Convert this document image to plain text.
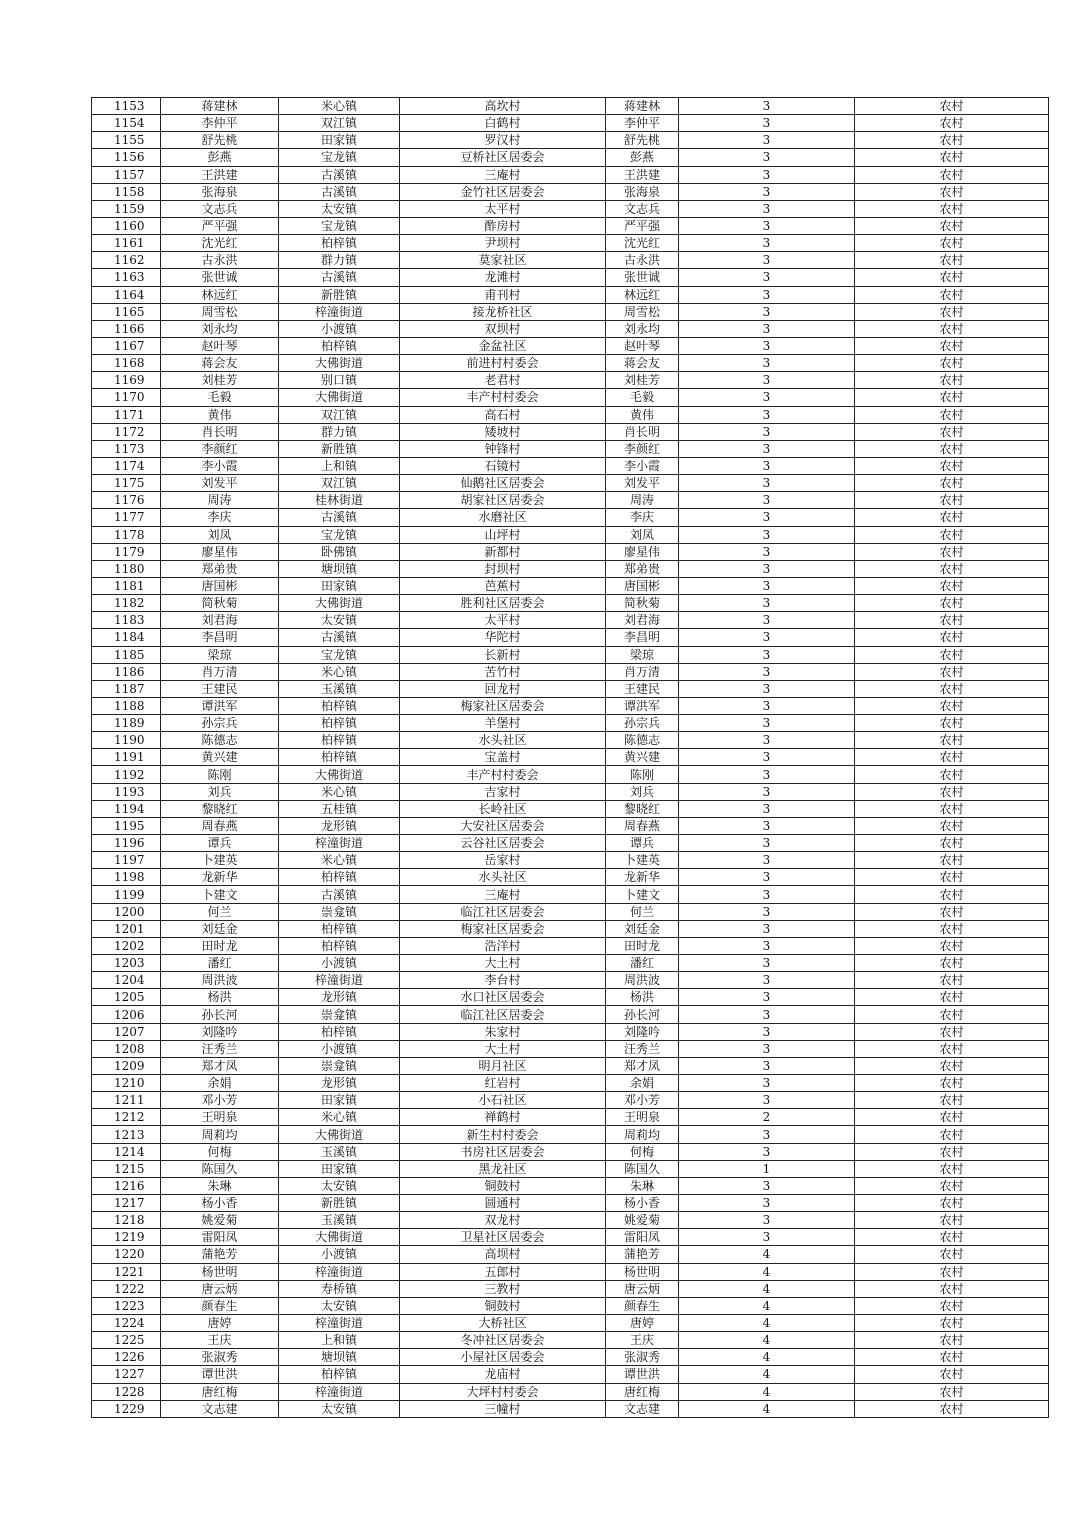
1153	蒋建林	米心镇	高坎村	蒋建林	3	农村
1154	李仲平	双江镇	白鹤村	李仲平	3	农村
1155	舒先桃	田家镇	罗汉村	舒先桃	3	农村
1156	彭燕	宝龙镇	豆桥社区居委会	彭燕	3	农村
1157	王洪建	古溪镇	三庵村	王洪建	3	农村
1158	张海泉	古溪镇	金竹社区居委会	张海泉	3	农村
1159	文志兵	太安镇	太平村	文志兵	3	农村
1160	严平强	宝龙镇	酢房村	严平强	3	农村
1161	沈光红	柏梓镇	尹坝村	沈光红	3	农村
1162	古永洪	群力镇	莫家社区	古永洪	3	农村
1163	张世诚	古溪镇	龙滩村	张世诚	3	农村
1164	林远红	新胜镇	甫刊村	林远红	3	农村
1165	周雪松	梓潼街道	接龙桥社区	周雪松	3	农村
1166	刘永均	小渡镇	双坝村	刘永均	3	农村
1167	赵叶琴	柏梓镇	金盆社区	赵叶琴	3	农村
1168	蒋会友	大佛街道	前进村村委会	蒋会友	3	农村
1169	刘桂芳	别口镇	老君村	刘桂芳	3	农村
1170	毛毅	大佛街道	丰产村村委会	毛毅	3	农村
1171	黄伟	双江镇	高石村	黄伟	3	农村
1172	肖长明	群力镇	矮坡村	肖长明	3	农村
1173	李颜红	新胜镇	钟锋村	李颜红	3	农村
1174	李小霞	上和镇	石镜村	李小霞	3	农村
1175	刘发平	双江镇	仙鹅社区居委会	刘发平	3	农村
1176	周涛	桂林街道	胡家社区居委会	周涛	3	农村
1177	李庆	古溪镇	水磨社区	李庆	3	农村
1178	刘凤	宝龙镇	山坪村	刘凤	3	农村
1179	廖星伟	卧佛镇	新都村	廖星伟	3	农村
1180	郑弟贵	塘坝镇	封坝村	郑弟贵	3	农村
1181	唐国彬	田家镇	芭蕉村	唐国彬	3	农村
1182	简秋菊	大佛街道	胜利社区居委会	简秋菊	3	农村
1183	刘君海	太安镇	太平村	刘君海	3	农村
1184	李昌明	古溪镇	华陀村	李昌明	3	农村
1185	梁琼	宝龙镇	长新村	梁琼	3	农村
1186	肖万清	米心镇	苦竹村	肖万清	3	农村
1187	王建民	玉溪镇	回龙村	王建民	3	农村
1188	谭洪军	柏梓镇	梅家社区居委会	谭洪军	3	农村
1189	孙宗兵	柏梓镇	羊堡村	孙宗兵	3	农村
1190	陈德志	柏梓镇	水头社区	陈德志	3	农村
1191	黄兴建	柏梓镇	宝盖村	黄兴建	3	农村
1192	陈刚	大佛街道	丰产村村委会	陈刚	3	农村
1193	刘兵	米心镇	吉家村	刘兵	3	农村
1194	黎晓红	五桂镇	长岭社区	黎晓红	3	农村
1195	周春燕	龙形镇	大安社区居委会	周春燕	3	农村
1196	谭兵	梓潼街道	云谷社区居委会	谭兵	3	农村
1197	卜建英	米心镇	岳家村	卜建英	3	农村
1198	龙新华	柏梓镇	水头社区	龙新华	3	农村
1199	卜建文	古溪镇	三庵村	卜建文	3	农村
1200	何兰	崇龛镇	临江社区居委会	何兰	3	农村
1201	刘廷金	柏梓镇	梅家社区居委会	刘廷金	3	农村
1202	田时龙	柏梓镇	浩洋村	田时龙	3	农村
1203	潘红	小渡镇	大土村	潘红	3	农村
1204	周洪波	梓潼街道	李台村	周洪波	3	农村
1205	杨洪	龙形镇	水口社区居委会	杨洪	3	农村
1206	孙长河	崇龛镇	临江社区居委会	孙长河	3	农村
1207	刘隆吟	柏梓镇	朱家村	刘隆吟	3	农村
1208	汪秀兰	小渡镇	大土村	汪秀兰	3	农村
1209	郑才凤	崇龛镇	明月社区	郑才凤	3	农村
1210	余娟	龙形镇	红岩村	余娟	3	农村
1211	邓小芳	田家镇	小石社区	邓小芳	3	农村
1212	王明泉	米心镇	禅鹤村	王明泉	2	农村
1213	周莉均	大佛街道	新生村村委会	周莉均	3	农村
1214	何梅	玉溪镇	书房社区居委会	何梅	3	农村
1215	陈国久	田家镇	黑龙社区	陈国久	1	农村
1216	朱琳	太安镇	铜鼓村	朱琳	3	农村
1217	杨小香	新胜镇	圆通村	杨小香	3	农村
1218	姚爱菊	玉溪镇	双龙村	姚爱菊	3	农村
1219	雷阳凤	大佛街道	卫星社区居委会	雷阳凤	3	农村
1220	蒲艳芳	小渡镇	高坝村	蒲艳芳	4	农村
1221	杨世明	梓潼街道	五郎村	杨世明	4	农村
1222	唐云炳	寿桥镇	三教村	唐云炳	4	农村
1223	颜春生	太安镇	铜鼓村	颜春生	4	农村
1224	唐婷	梓潼街道	大桥社区	唐婷	4	农村
1225	王庆	上和镇	冬冲社区居委会	王庆	4	农村
1226	张淑秀	塘坝镇	小屋社区居委会	张淑秀	4	农村
1227	谭世洪	柏梓镇	龙庙村	谭世洪	4	农村
1228	唐红梅	梓潼街道	大坪村村委会	唐红梅	4	农村
1229	文志建	太安镇	三幢村	文志建	4	农村
